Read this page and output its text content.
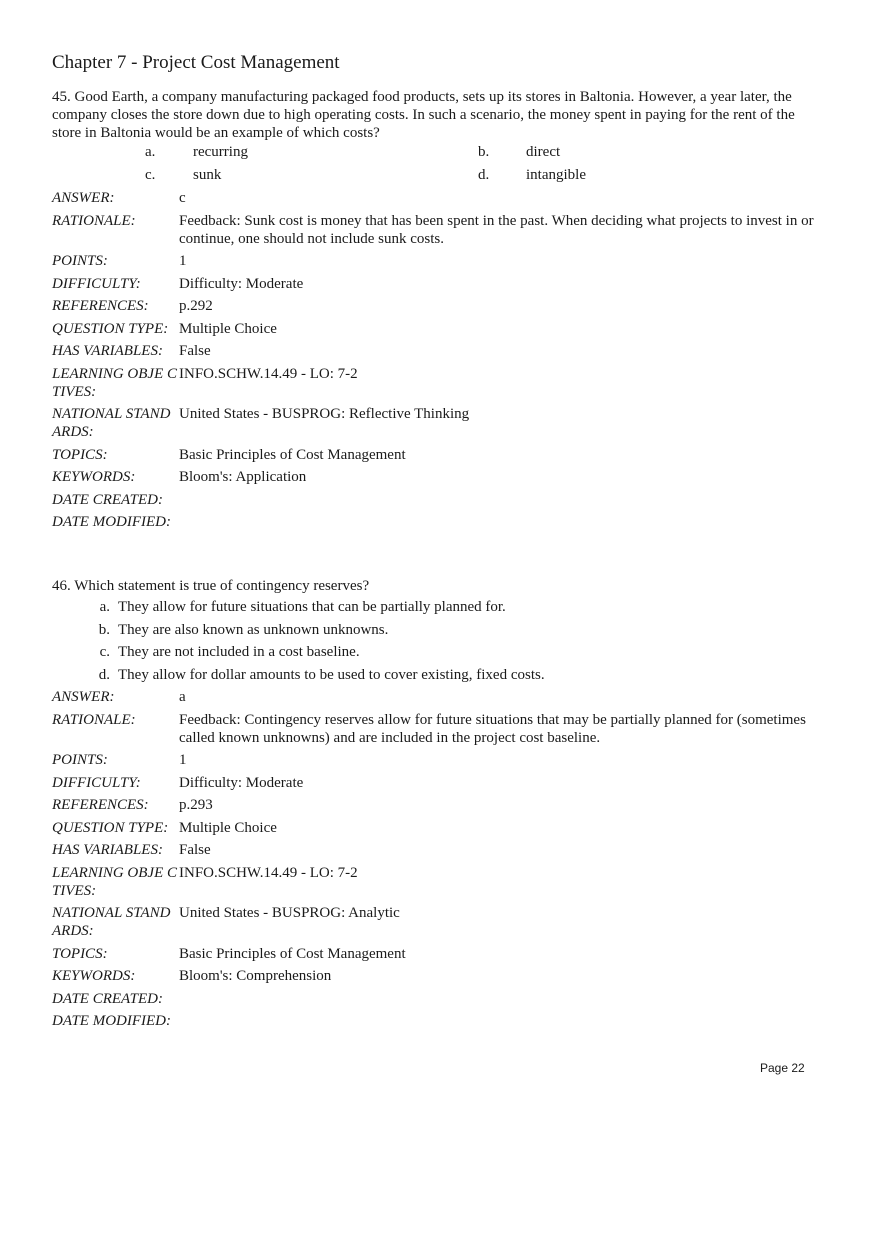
Chapter 7 - Project Cost Management

45. Good Earth, a company manufacturing packaged food products, sets up its stores in Baltonia. However, a year later, the company closes the store down due to high operating costs. In such a scenario, the money spent in paying for the rent of the store in Baltonia would be an example of which costs?

a.	recurring	b. direct
c.	sunk	d. intangible
ANSWER:	c
RATIONALE:	Feedback: Sunk cost is money that has been spent in the past. When deciding what projects to invest in or continue, one should not include sunk costs.
POINTS:	1
DIFFICULTY:	Difficulty: Moderate
REFERENCES:	p.292
QUESTION TYPE: Multiple Choice
HAS VARIABLES:	False
LEARNING OBJE CTIVES:
INFO.SCHW.14.49 - LO: 7-2
NATIONAL STAND ARDS:
United States - BUSPROG: Reflective Thinking
TOPICS:	Basic Principles of Cost Management
KEYWORDS:	Bloom's: Application
DATE CREATED:
DATE MODIFIED:

46. Which statement is true of contingency reserves?

a. They allow for future situations that can be partially planned for.
b. They are also known as unknown unknowns.
c. They are not included in a cost baseline.
d. They allow for dollar amounts to be used to cover existing, fixed costs.
ANSWER:	a
RATIONALE:	Feedback: Contingency reserves allow for future situations that may be partially planned for (sometimes called known unknowns) and are included in the project cost baseline.
POINTS:	1
DIFFICULTY:	Difficulty: Moderate
REFERENCES:	p.293
QUESTION TYPE: Multiple Choice
HAS VARIABLES:	False
LEARNING OBJE CTIVES:
INFO.SCHW.14.49 - LO: 7-2
NATIONAL STAND ARDS:
United States - BUSPROG: Analytic
TOPICS:	Basic Principles of Cost Management
KEYWORDS:	Bloom's: Comprehension
DATE CREATED:
DATE MODIFIED:
Page 22
